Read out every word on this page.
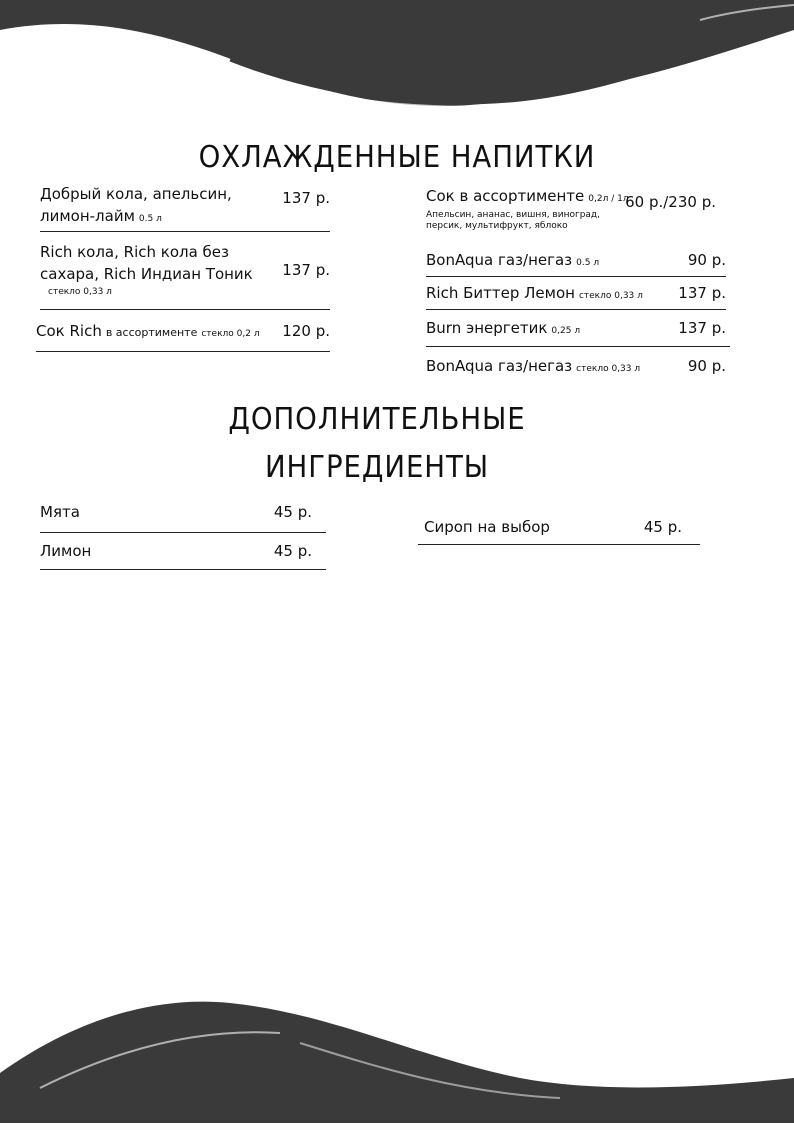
ОХЛАЖДЕННЫЕ НАПИТКИ
Добрый кола, апельсин,
лимон-лайм 0.5 л
137 р.
Rich кола, Rich кола без
сахара, Rich Индиан Тоник
стекло 0,33 л
137 р.
Сок Rich в ассортименте стекло 0,2 л 120 р.
Сок в ассортименте 0,2л / 1л
Апельсин, ананас, вишня, виноград,
персик, мультифрукт, яблоко
60 р./230 р.
BonAqua газ/негаз 0.5 л	90 р.
Rich Биттер Лемон стекло 0,33 л 137 р.
Burn энергетик 0,25 л	137 р.
BonAqua газ/негаз стекло 0,33 л	90 р.
ДОПОЛНИТЕЛЬНЫЕ
ИНГРЕДИЕНТЫ
Мята	45 р.
Лимон	45 р.
Сироп на выбор	45 р.
